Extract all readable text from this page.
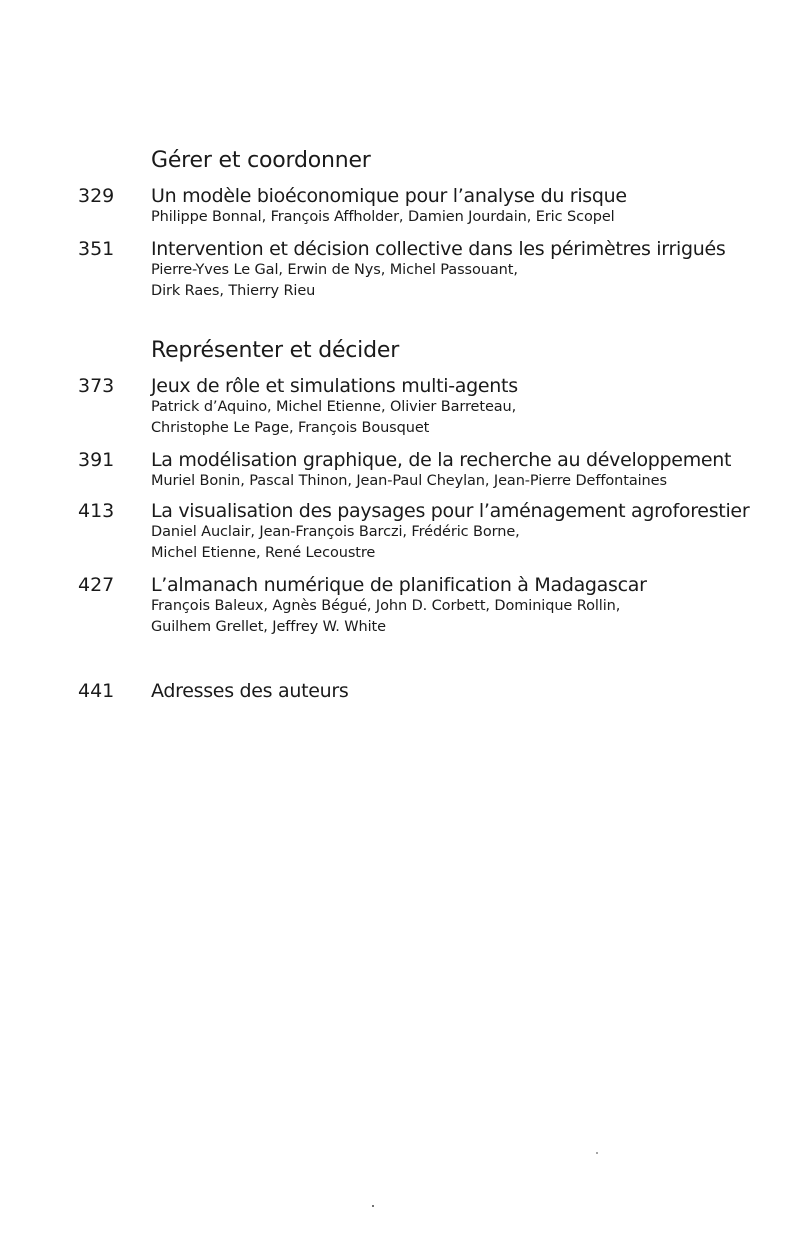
Gérer et coordonner
329 Un modèle bioéconomique pour l’analyse du risque
Philippe Bonnal, François Affholder, Damien Jourdain, Eric Scopel
351 Intervention et décision collective dans les périmètres irrigués
Pierre-Yves Le Gal, Erwin de Nys, Michel Passouant,
Dirk Raes, Thierry Rieu
Représenter et décider
373 Jeux de rôle et simulations multi-agents
Patrick d’Aquino, Michel Etienne, Olivier Barreteau,
Christophe Le Page, François Bousquet
391 La modélisation graphique, de la recherche au développement
Muriel Bonin, Pascal Thinon, Jean-Paul Cheylan, Jean-Pierre Deffontaines
413 La visualisation des paysages pour l’aménagement agroforestier
Daniel Auclair, Jean-François Barczi, Frédéric Borne,
Michel Etienne, René Lecoustre
427 L’almanach numérique de planification à Madagascar
François Baleux, Agnès Bégué, John D. Corbett, Dominique Rollin,
Guilhem Grellet, Jeffrey W. White
441 Adresses des auteurs
